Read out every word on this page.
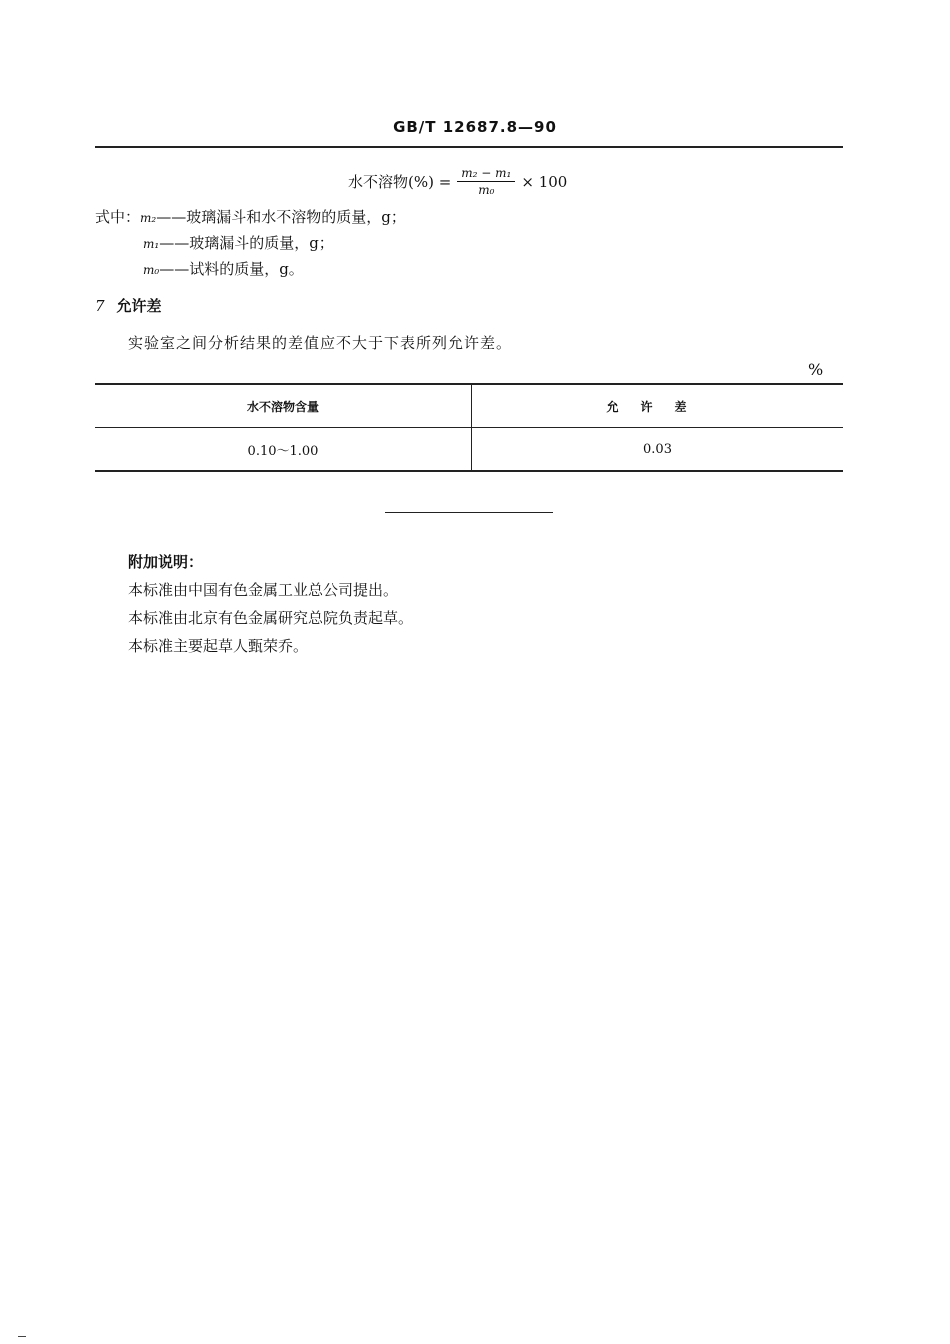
GB/T 12687.8—90
水不溶物(%) = $\frac{\text{m₂ − m₁}}{\text{m₀}} \times 100$
式中：m₂——玻璃漏斗和水不溶物的质量，g；
m₁——玻璃漏斗的质量，g；
m₀——试料的质量，g。
7 允许差
实验室之间分析结果的差值应不大于下表所列允许差。
%
水不溶物含量	允许差
0.10～1.00	0.03
附加说明：
本标准由中国有色金属工业总公司提出。
本标准由北京有色金属研究总院负责起草。
本标准主要起草人甄荣乔。
